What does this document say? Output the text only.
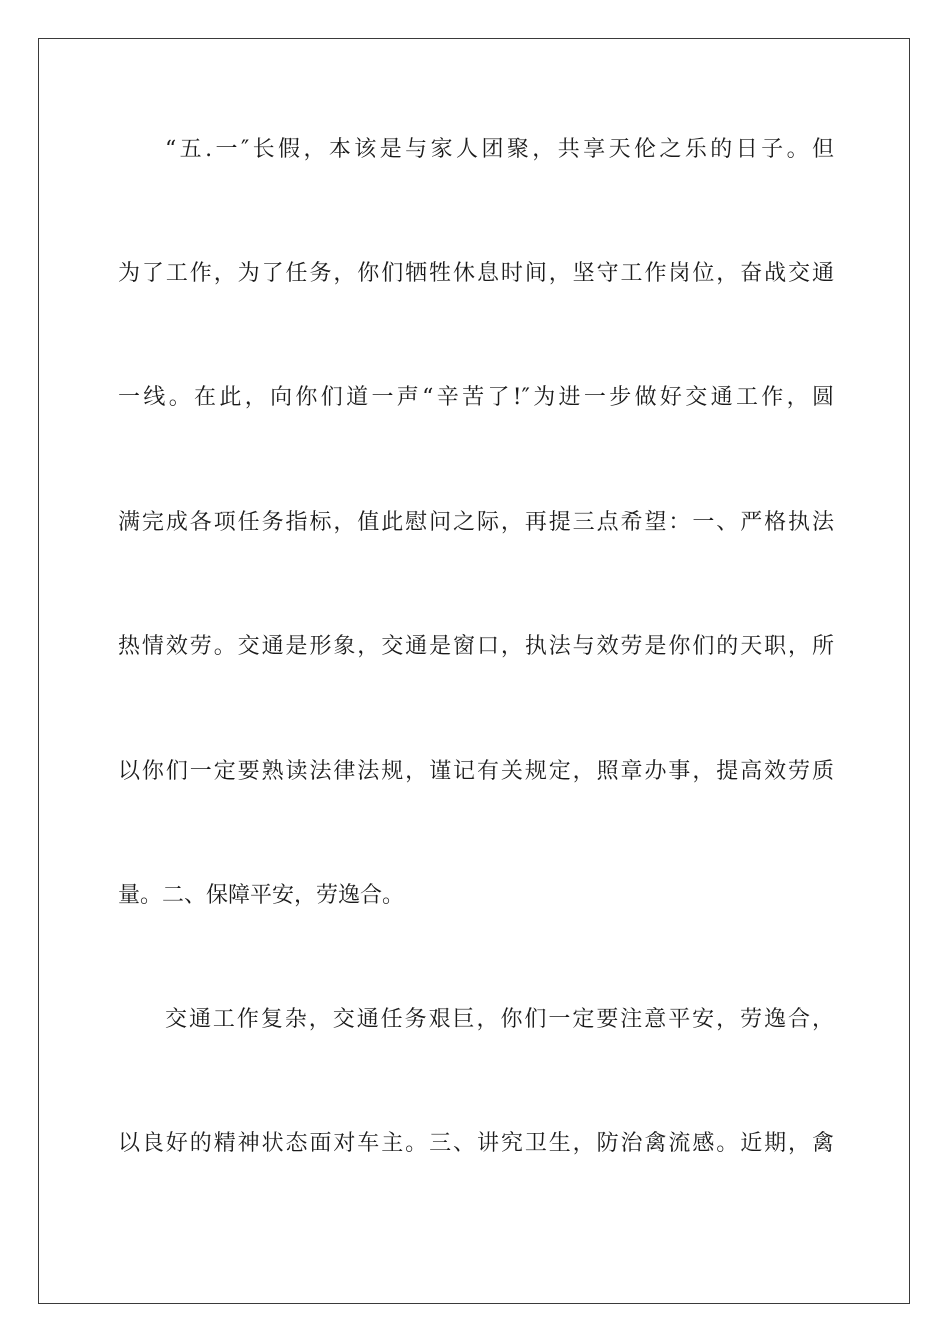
“五.一″长假，本该是与家人团聚，共享天伦之乐的日子。但
为了工作，为了任务，你们牺牲休息时间，坚守工作岗位，奋战交通
一线。在此，向你们道一声“辛苦了!″为进一步做好交通工作，圆
满完成各项任务指标，值此慰问之际，再提三点希望：一、严格执法
热情效劳。交通是形象，交通是窗口，执法与效劳是你们的天职，所
以你们一定要熟读法律法规，谨记有关规定，照章办事，提高效劳质
量。二、保障平安，劳逸合。
交通工作复杂，交通任务艰巨，你们一定要注意平安，劳逸合，
以良好的精神状态面对车主。三、讲究卫生，防治禽流感。近期，禽
